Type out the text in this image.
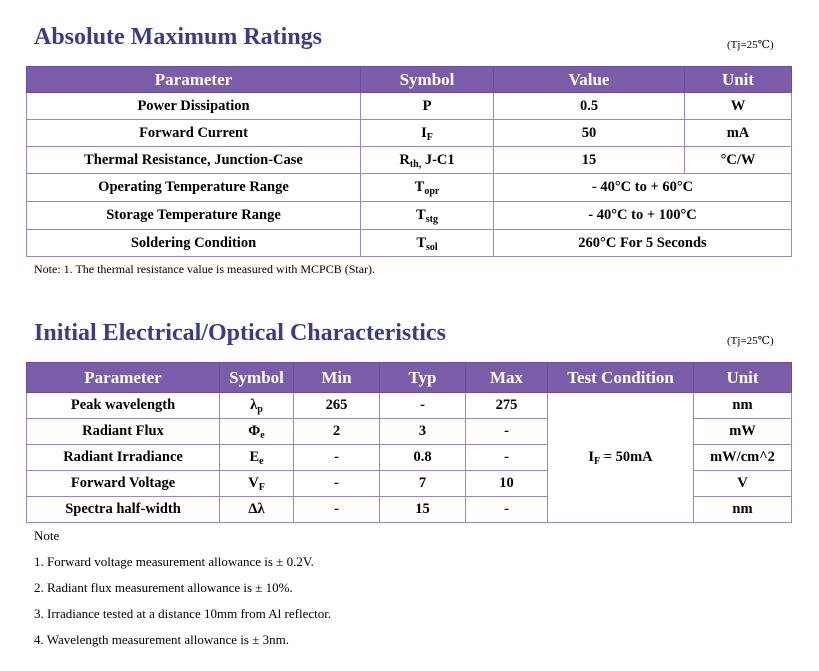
Absolute Maximum Ratings	(Tj=25℃)
Parameter	Symbol	Value	Unit
Power Dissipation	P	0.5	W
Forward Current	$I_F$	50	mA
Thermal Resistance, Junction-Case	$R_{th,}$ J-C1	15	°C/W
Operating Temperature Range	$T_{opr}$	- 40°C to + 60°C	
Storage Temperature Range	$T_{stg}$	- 40°C to + 100°C	
Soldering Condition	$T_{sol}$	260°C For 5 Seconds	
Note: 1. The thermal resistance value is measured with MCPCB (Star).
Initial Electrical/Optical Characteristics	(Tj=25℃)
Parameter	Symbol	Min	Typ	Max	Test Condition	Unit
Peak wavelength	$\lambda_p$	265	-	275	$I_F = 50mA$	nm
Radiant Flux	$\Phi_e$	2	3	-		mW
Radiant Irradiance	$E_e$	-	0.8	-		mW/cm^2
Forward Voltage	$V_F$	-	7	10		V
Spectra half-width	Δλ	-	15	-		nm
Note
1. Forward voltage measurement allowance is ± 0.2V.
2. Radiant flux measurement allowance is ± 10%.
3. Irradiance tested at a distance 10mm from Al reflector.
4. Wavelength measurement allowance is ± 3nm.
